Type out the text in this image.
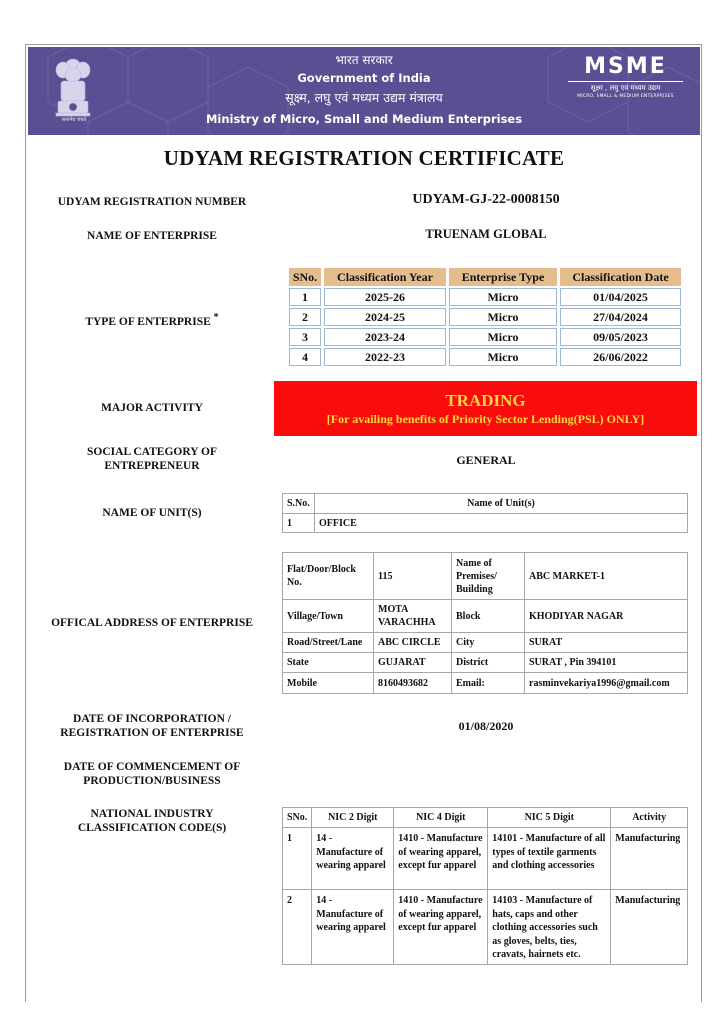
सत्यमेव जयते
भारत सरकार
Government of India
सूक्ष्म, लघु एवं मध्यम उद्यम मंत्रालय
Ministry of Micro, Small and Medium Enterprises
MSME
सूक्ष्म , लघु एवं मध्यम उद्यम
MICRO, SMALL & MEDIUM ENTERPRISES
UDYAM REGISTRATION CERTIFICATE
UDYAM REGISTRATION NUMBER	UDYAM-GJ-22-0008150
NAME OF ENTERPRISE	TRUENAM GLOBAL
TYPE OF ENTERPRISE *
SNo.	Classification Year	Enterprise Type	Classification Date
1	2025-26	Micro	01/04/2025
2	2024-25	Micro	27/04/2024
3	2023-24	Micro	09/05/2023
4	2022-23	Micro	26/06/2022
MAJOR ACTIVITY	TRADING
[For availing benefits of Priority Sector Lending(PSL) ONLY]
SOCIAL CATEGORY OF
ENTREPRENEUR	GENERAL
NAME OF UNIT(S)
S.No.	Name of Unit(s)
1	OFFICE
OFFICAL ADDRESS OF ENTERPRISE
Flat/Door/Block No.	115	Name of Premises/ Building	ABC MARKET-1
Village/Town	MOTA VARACHHA	Block	KHODIYAR NAGAR
Road/Street/Lane	ABC CIRCLE	City	SURAT
State	GUJARAT	District	SURAT , Pin 394101
Mobile	8160493682	Email:	rasminvekariya1996@gmail.com
DATE OF INCORPORATION /
REGISTRATION OF ENTERPRISE	01/08/2020
DATE OF COMMENCEMENT OF
PRODUCTION/BUSINESS
NATIONAL INDUSTRY
CLASSIFICATION CODE(S)
SNo.	NIC 2 Digit	NIC 4 Digit	NIC 5 Digit	Activity
1	14 - Manufacture of wearing apparel	1410 - Manufacture of wearing apparel, except fur apparel	14101 - Manufacture of all types of textile garments and clothing accessories	Manufacturing
2	14 - Manufacture of wearing apparel	1410 - Manufacture of wearing apparel, except fur apparel	14103 - Manufacture of hats, caps and other clothing accessories such as gloves, belts, ties, cravats, hairnets etc.	Manufacturing
